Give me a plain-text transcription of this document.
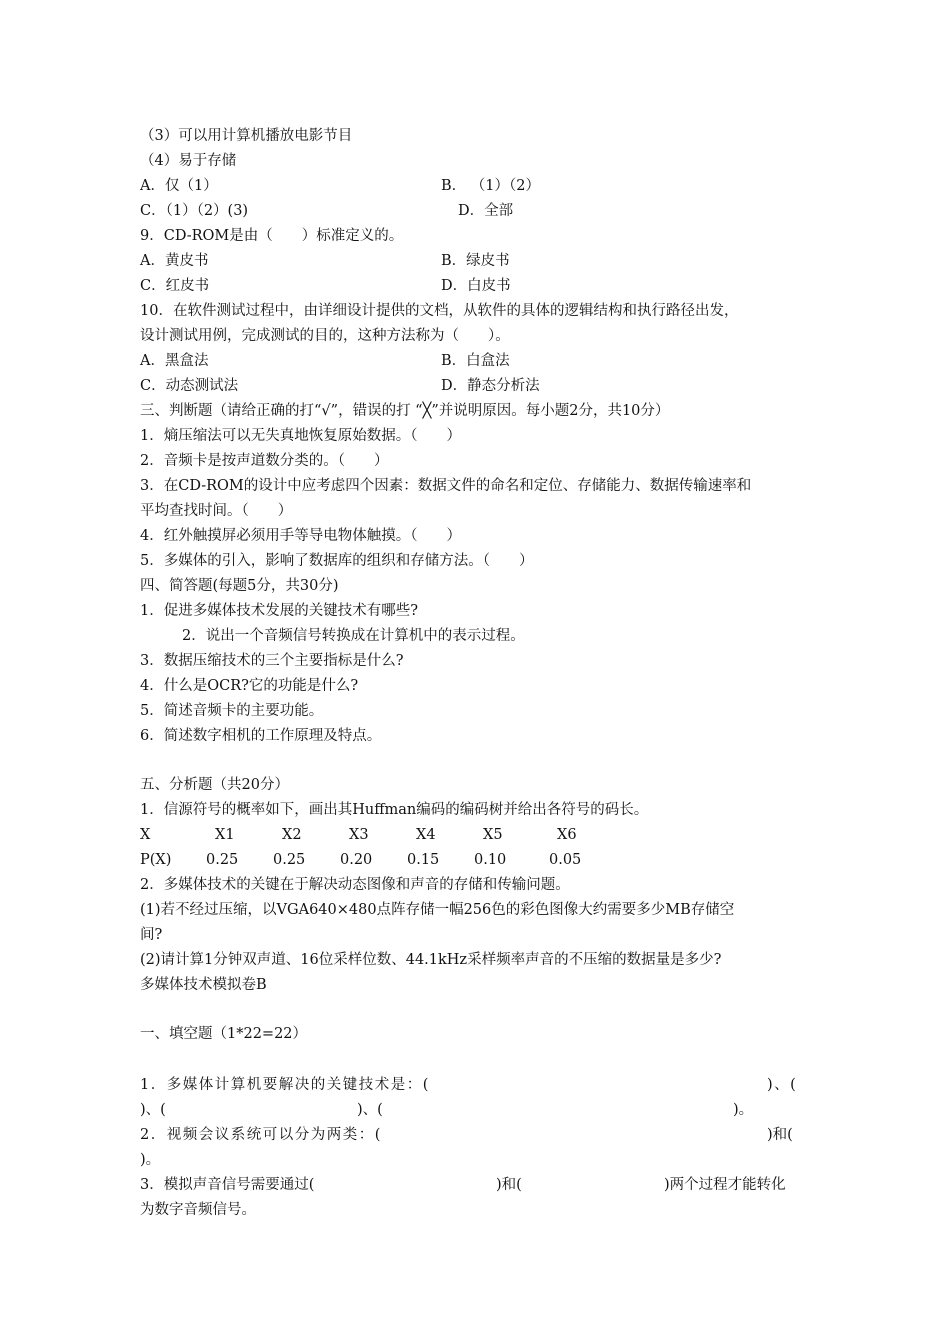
（3）可以用计算机播放电影节目
（4）易于存储
A．仅（1）	B． （1）（2）
C．（1）（2）(3)	D．全部
9．CD-ROM是由（　　）标准定义的。
A．黄皮书	B．绿皮书
C．红皮书	D．白皮书
10．在软件测试过程中，由详细设计提供的文档，从软件的具体的逻辑结构和执行路径出发，
设计测试用例，完成测试的目的，这种方法称为（　　）。
A．黑盒法	B．白盒法
C．动态测试法	D．静态分析法
三、判断题（请给正确的打“√”，错误的打 “╳”并说明原因。每小题2分，共10分）
1．熵压缩法可以无失真地恢复原始数据。（　　）
2．音频卡是按声道数分类的。（　　）
3．在CD-ROM的设计中应考虑四个因素：数据文件的命名和定位、存储能力、数据传输速率和
平均查找时间。（　　）
4．红外触摸屏必须用手等导电物体触摸。（　　）
5．多媒体的引入，影响了数据库的组织和存储方法。（　　）
四、简答题(每题5分，共30分)
1．促进多媒体技术发展的关键技术有哪些?
2．说出一个音频信号转换成在计算机中的表示过程。
3．数据压缩技术的三个主要指标是什么?
4．什么是OCR?它的功能是什么?
5．简述音频卡的主要功能。
6．简述数字相机的工作原理及特点。
五、分析题（共20分）
1．信源符号的概率如下，画出其Huffman编码的编码树并给出各符号的码长。
X	X1	X2	X3	X4	X5	X6
P(X) 0.25 0.25 0.20 0.15 0.10	0.05
2．多媒体技术的关键在于解决动态图像和声音的存储和传输问题。
(1)若不经过压缩，以VGA640×480点阵存储一幅256色的彩色图像大约需要多少MB存储空
间?
(2)请计算1分钟双声道、16位采样位数、44.1kHz采样频率声音的不压缩的数据量是多少?
多媒体技术模拟卷B
一、填空题（1*22=22）
1．多媒体计算机要解决的关键技术是：(	)、(
)、(	)、(	)。
2．视频会议系统可以分为两类：(	)和(
)。
3．模拟声音信号需要通过(	)和(	)两个过程才能转化
为数字音频信号。
